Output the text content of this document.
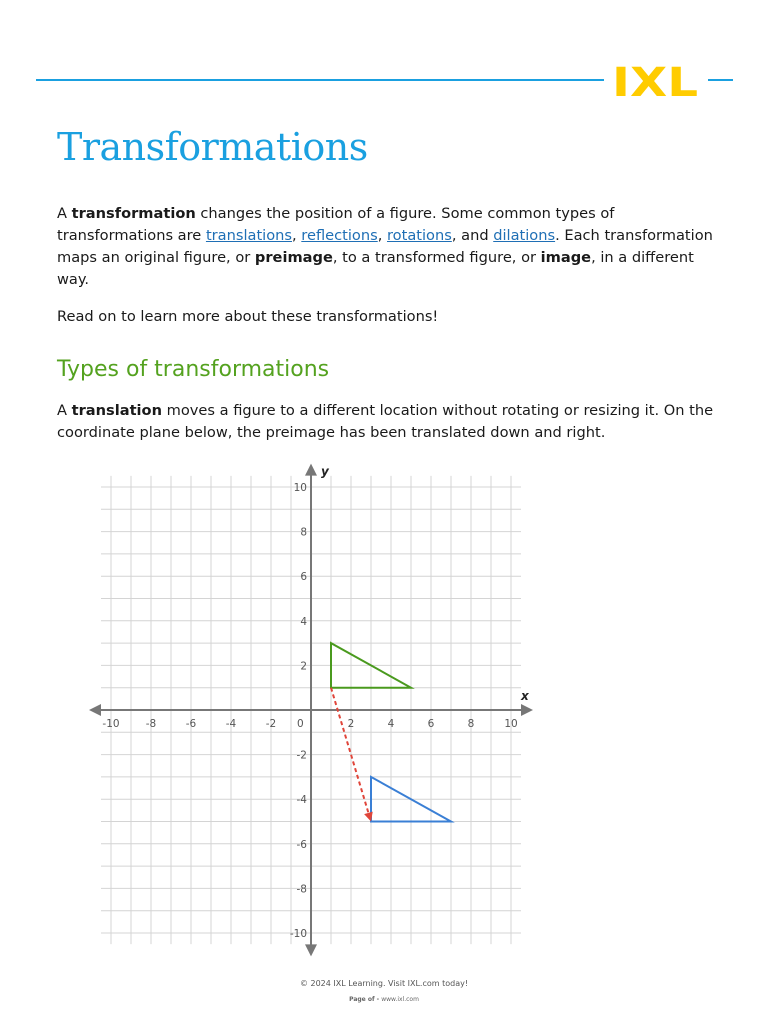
IXL
Transformations

A transformation changes the position of a figure. Some common types of transformations are translations, reflections, rotations, and dilations. Each transformation maps an original figure, or preimage, to a transformed figure, or image, in a different way.

Read on to learn more about these transformations!

Types of transformations

A translation moves a figure to a different location without rotating or resizing it. On the coordinate plane below, the preimage has been translated down and right.

x
y
-10 -8	-6	-4	-2 0	2	4	6	8	10
10
8
6
4
2
-2
-4
-6
-8
-10
© 2024 IXL Learning. Visit IXL.com today!
Page of - www.ixl.com
